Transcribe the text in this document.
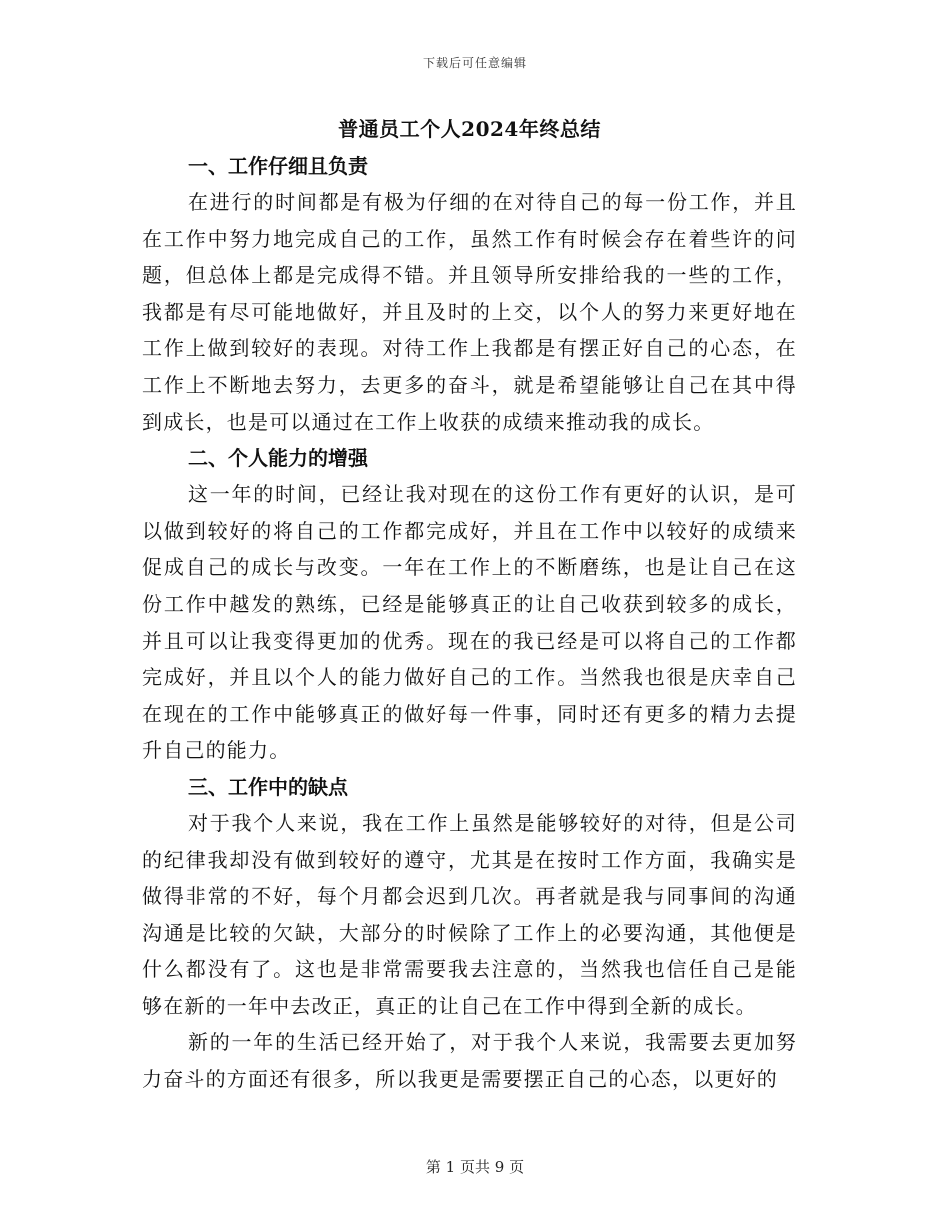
下载后可任意编辑
普通员工个人2024年终总结
一、工作仔细且负责

在进行的时间都是有极为仔细的在对待自己的每一份工作，并且在工作中努力地完成自己的工作，虽然工作有时候会存在着些许的问题，但总体上都是完成得不错。并且领导所安排给我的一些的工作，我都是有尽可能地做好，并且及时的上交，以个人的努力来更好地在工作上做到较好的表现。对待工作上我都是有摆正好自己的心态，在工作上不断地去努力，去更多的奋斗，就是希望能够让自己在其中得到成长，也是可以通过在工作上收获的成绩来推动我的成长。

二、个人能力的增强

这一年的时间，已经让我对现在的这份工作有更好的认识，是可以做到较好的将自己的工作都完成好，并且在工作中以较好的成绩来促成自己的成长与改变。一年在工作上的不断磨练，也是让自己在这份工作中越发的熟练，已经是能够真正的让自己收获到较多的成长，并且可以让我变得更加的优秀。现在的我已经是可以将自己的工作都完成好，并且以个人的能力做好自己的工作。当然我也很是庆幸自己在现在的工作中能够真正的做好每一件事，同时还有更多的精力去提升自己的能力。

三、工作中的缺点

对于我个人来说，我在工作上虽然是能够较好的对待，但是公司的纪律我却没有做到较好的遵守，尤其是在按时工作方面，我确实是做得非常的不好，每个月都会迟到几次。再者就是我与同事间的沟通沟通是比较的欠缺，大部分的时候除了工作上的必要沟通，其他便是什么都没有了。这也是非常需要我去注意的，当然我也信任自己是能够在新的一年中去改正，真正的让自己在工作中得到全新的成长。

新的一年的生活已经开始了，对于我个人来说，我需要去更加努力奋斗的方面还有很多，所以我更是需要摆正自己的心态，以更好的

第 1 页共 9 页
